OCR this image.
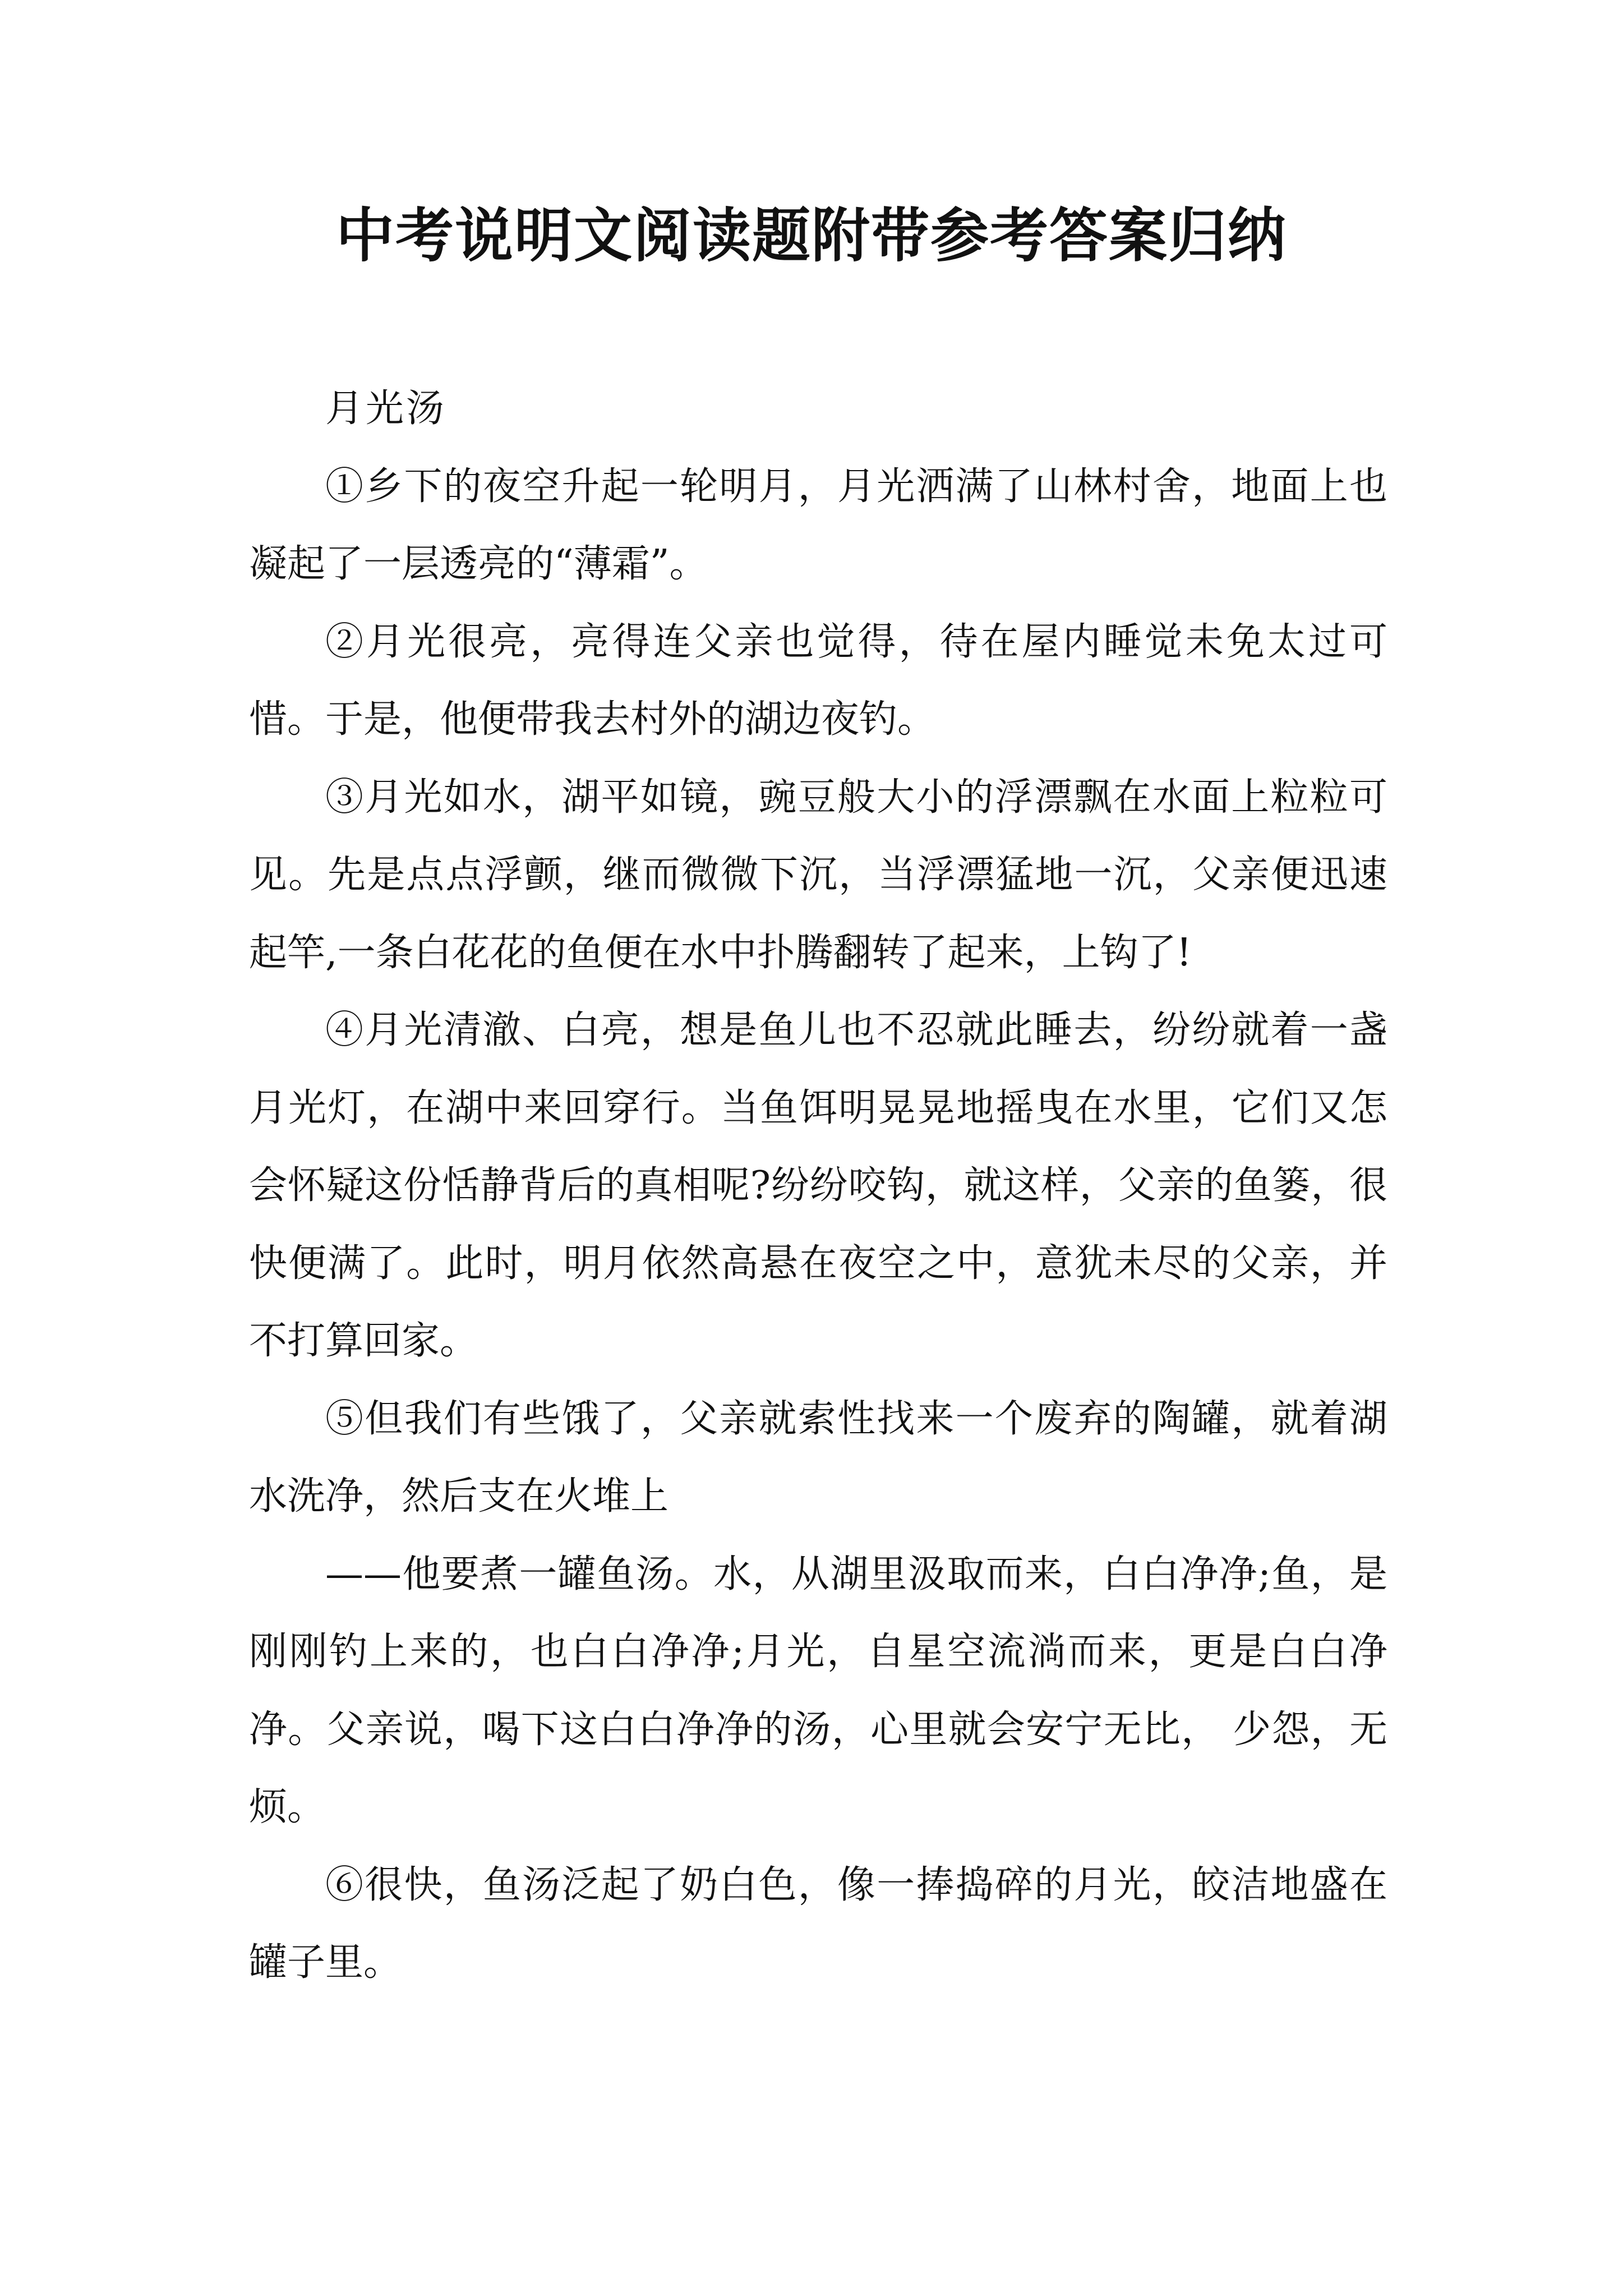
中考说明文阅读题附带参考答案归纳

月光汤

①乡下的夜空升起一轮明月，月光洒满了山林村舍，地面上也凝起了一层透亮的“薄霜”。

②月光很亮，亮得连父亲也觉得，待在屋内睡觉未免太过可惜。于是，他便带我去村外的湖边夜钓。

③月光如水，湖平如镜，豌豆般大小的浮漂飘在水面上粒粒可见。先是点点浮颤，继而微微下沉，当浮漂猛地一沉，父亲便迅速起竿,一条白花花的鱼便在水中扑腾翻转了起来，上钩了!

④月光清澈、白亮，想是鱼儿也不忍就此睡去，纷纷就着一盏月光灯，在湖中来回穿行。当鱼饵明晃晃地摇曳在水里，它们又怎会怀疑这份恬静背后的真相呢?纷纷咬钩，就这样，父亲的鱼篓，很快便满了。此时，明月依然高悬在夜空之中，意犹未尽的父亲，并不打算回家。

⑤但我们有些饿了，父亲就索性找来一个废弃的陶罐，就着湖水洗净，然后支在火堆上

——他要煮一罐鱼汤。水，从湖里汲取而来，白白净净;鱼，是刚刚钓上来的，也白白净净;月光，自星空流淌而来，更是白白净净。父亲说，喝下这白白净净的汤，心里就会安宁无比， 少怨，无烦。

⑥很快，鱼汤泛起了奶白色，像一捧捣碎的月光，皎洁地盛在罐子里。
